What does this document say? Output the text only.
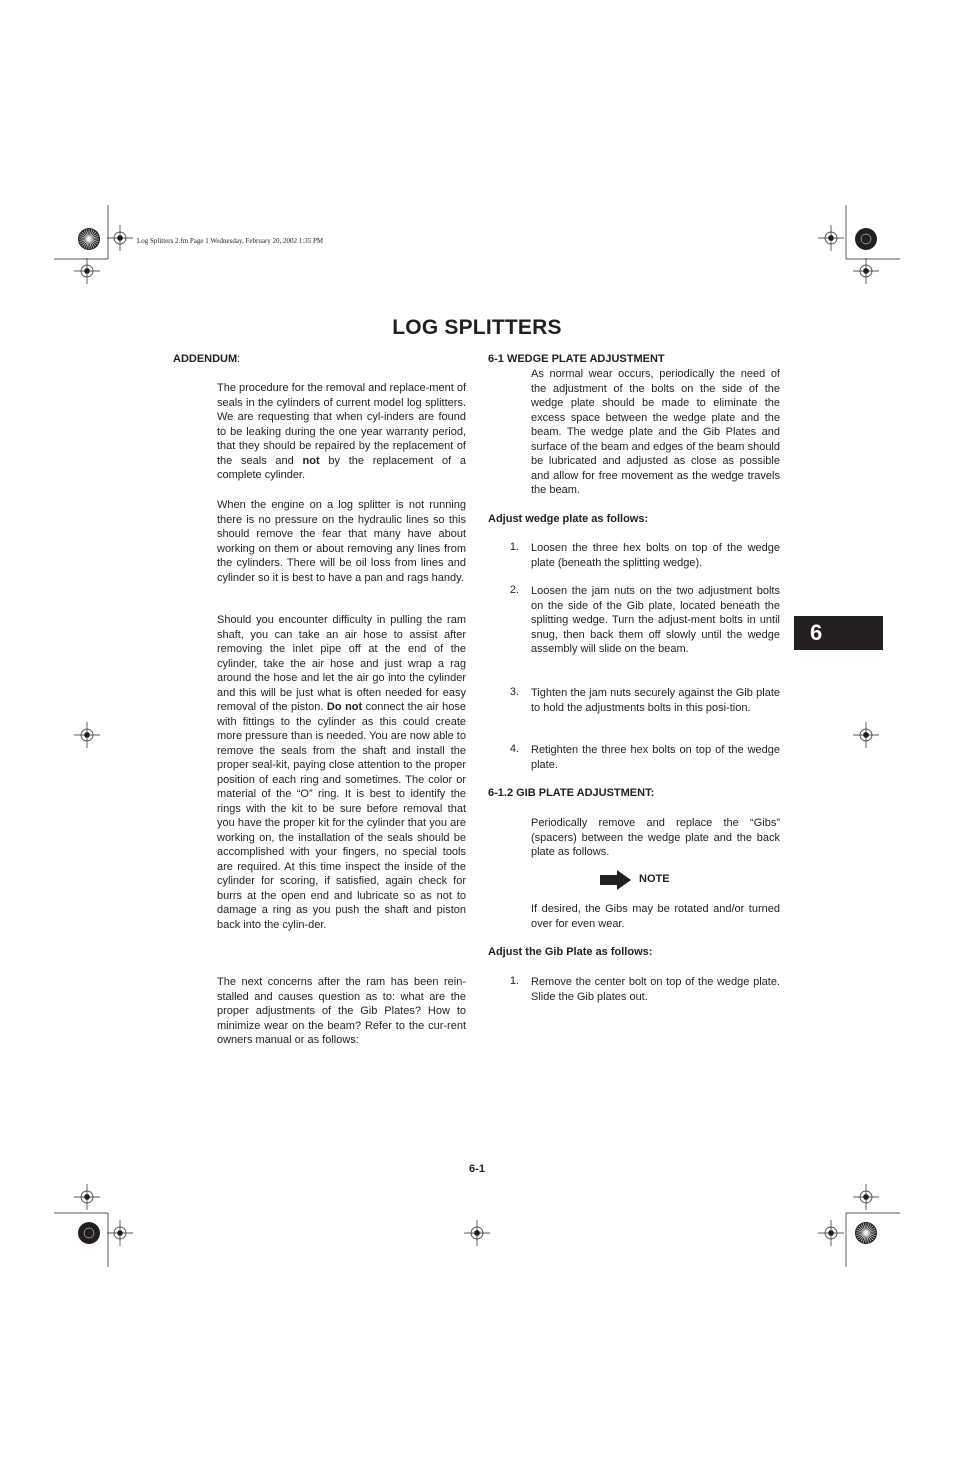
Log Splitters 2.fm Page 1 Wednesday, February 20, 2002 1:35 PM
LOG SPLITTERS
ADDENDUM:

The procedure for the removal and replace-ment of seals in the cylinders of current model log splitters. We are requesting that when cyl-inders are found to be leaking during the one year warranty period, that they should be repaired by the replacement of the seals and not by the replacement of a complete cylinder.

When the engine on a log splitter is not running there is no pressure on the hydraulic lines so this should remove the fear that many have about working on them or about removing any lines from the cylinders. There will be oil loss from lines and cylinder so it is best to have a pan and rags handy.

Should you encounter difficulty in pulling the ram shaft, you can take an air hose to assist after removing the inlet pipe off at the end of the cylinder, take the air hose and just wrap a rag around the hose and let the air go into the cylinder and this will be just what is often needed for easy removal of the piston. Do not connect the air hose with fittings to the cylinder as this could create more pressure than is needed. You are now able to remove the seals from the shaft and install the proper seal-kit, paying close attention to the proper position of each ring and sometimes. The color or material of the “O” ring. It is best to identify the rings with the kit to be sure before removal that you have the proper kit for the cylinder that you are working on, the installation of the seals should be accomplished with your fingers, no special tools are required. At this time inspect the inside of the cylinder for scoring, if satisfied, again check for burrs at the open end and lubricate so as not to damage a ring as you push the shaft and piston back into the cylin-der.

The next concerns after the ram has been rein-stalled and causes question as to: what are the proper adjustments of the Gib Plates? How to minimize wear on the beam? Refer to the cur-rent owners manual or as follows:

6-1 WEDGE PLATE ADJUSTMENT

As normal wear occurs, periodically the need of the adjustment of the bolts on the side of the wedge plate should be made to eliminate the excess space between the wedge plate and the beam. The wedge plate and the Gib Plates and surface of the beam and edges of the beam should be lubricated and adjusted as close as possible and allow for free movement as the wedge travels the beam.

Adjust wedge plate as follows:
1. Loosen the three hex bolts on top of the wedge plate (beneath the splitting wedge).

2. Loosen the jam nuts on the two adjustment bolts on the side of the Gib plate, located beneath the splitting wedge. Turn the adjust-ment bolts in until snug, then back them off slowly until the wedge assembly will slide on the beam.

3. Tighten the jam nuts securely against the Gib plate to hold the adjustments bolts in this posi-tion.

4. Retighten the three hex bolts on top of the wedge plate.

6-1.2 GIB PLATE ADJUSTMENT:

Periodically remove and replace the “Gibs” (spacers) between the wedge plate and the back plate as follows.

NOTE

If desired, the Gibs may be rotated and/or turned over for even wear.

Adjust the Gib Plate as follows:
1. Remove the center bolt on top of the wedge plate. Slide the Gib plates out.

6
6-1
